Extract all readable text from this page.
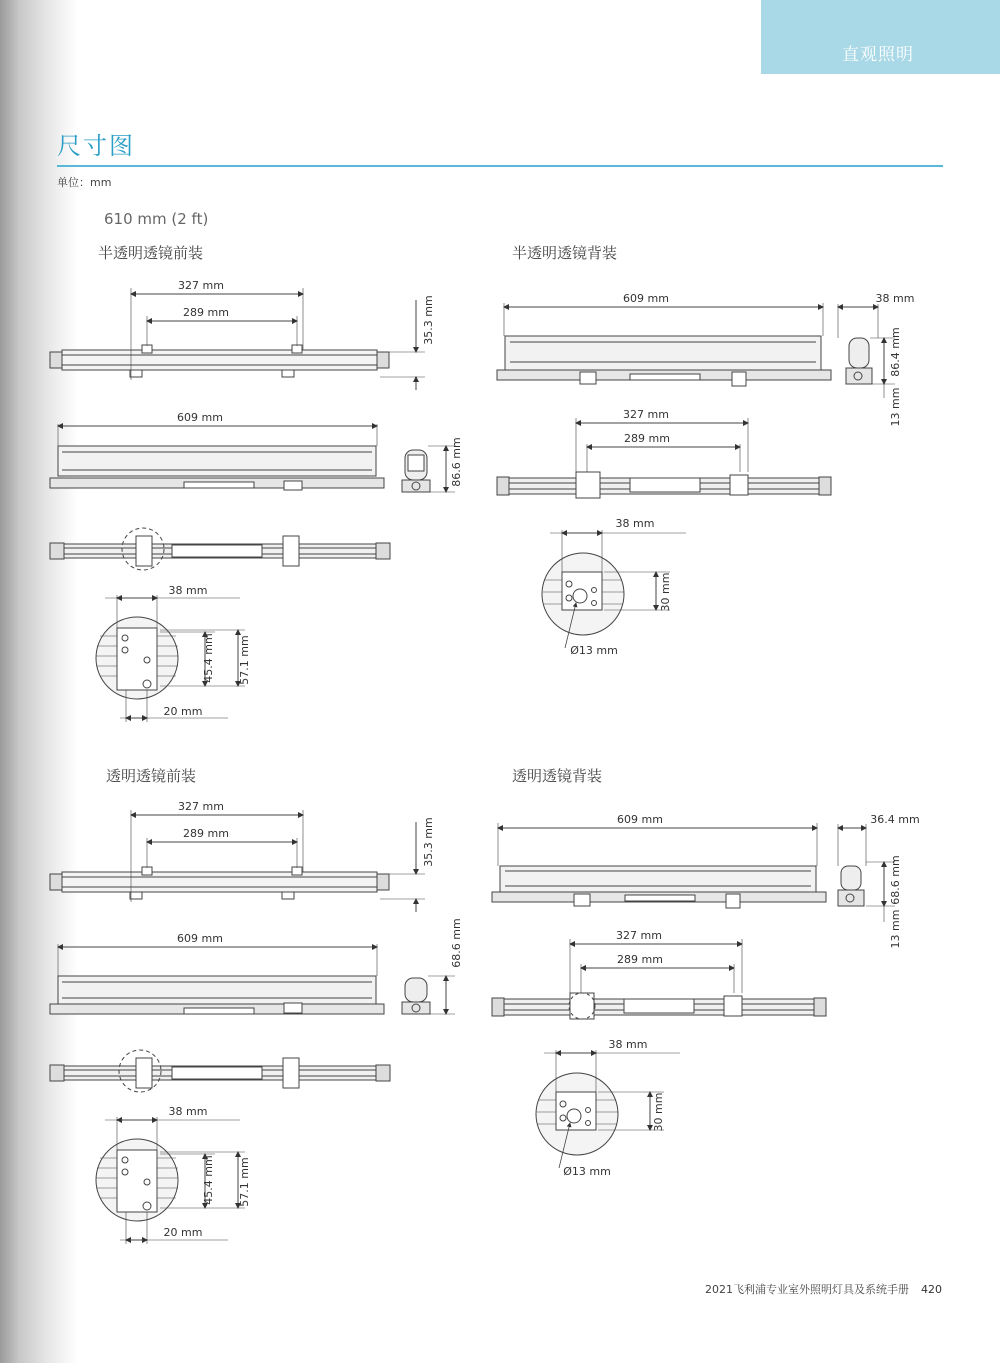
直观照明
尺寸图
单位：mm
610 mm (2 ft)
半透明透镜前装	半透明透镜背装
透明透镜前装	透明透镜背装
327 mm
289 mm	35.3 mm
609 mm
86.6 mm
38 mm
45.4 mm 57.1 mm
20 mm
609 mm	38 mm
86.4 mm
13 mm
327 mm
289 mm
38 mm
30 mm
Ø13 mm
327 mm
289 mm	35.3 mm
609 mm	68.6 mm
38 mm
45.4 mm 57.1 mm
20 mm
609 mm	36.4 mm
68.6 mm
13 mm
327 mm
289 mm
38 mm
30 mm
Ø13 mm
2021飞利浦专业室外照明灯具及系统手册 420
